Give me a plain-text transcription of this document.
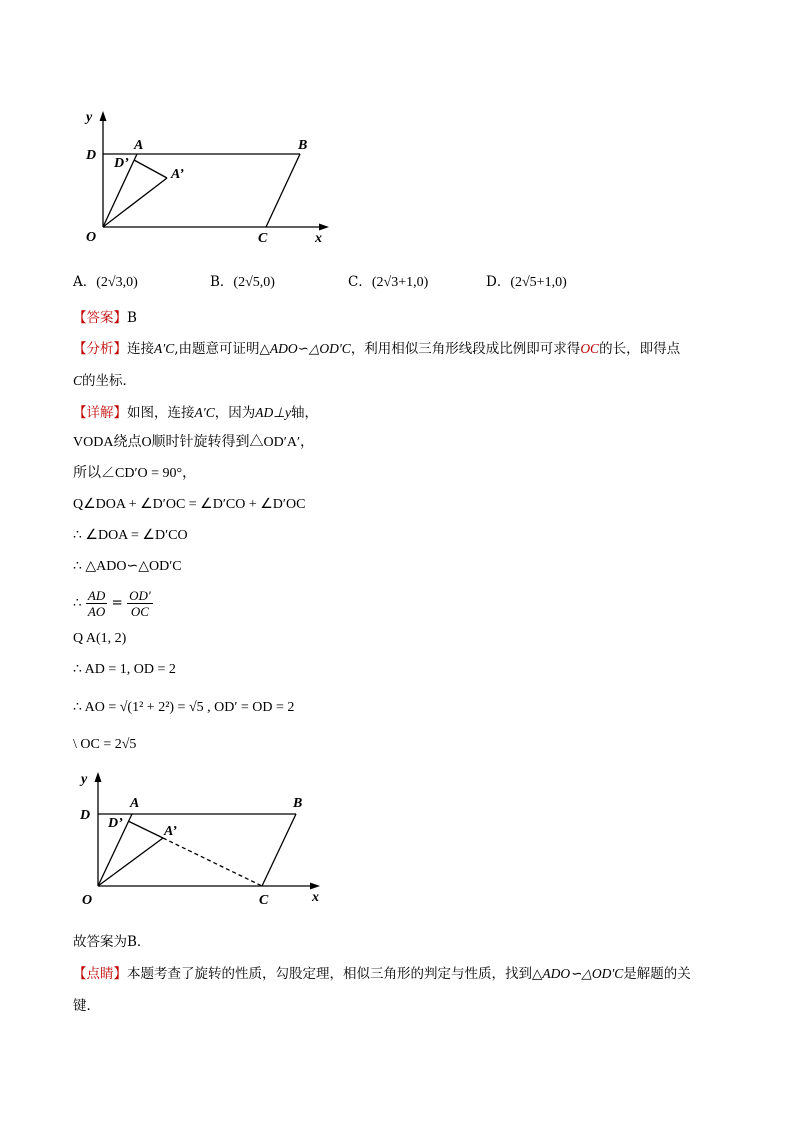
y
D
A
D’
A’
B
O	C	x
A．(2√3,0)	B．(2√5,0)	C．(2√3+1,0)	D．(2√5+1,0)
【答案】B
【分析】连接A′C,由题意可证明△ADO∽△OD′C，利用相似三角形线段成比例即可求得OC的长，即得点
C的坐标．
【详解】如图，连接A′C，因为AD⊥y轴，
VODA绕点O顺时针旋转得到△OD′A′，
所以∠CD′O = 90°，
Q∠DOA + ∠D′OC = ∠D′CO + ∠D′OC
∴ ∠DOA = ∠D′CO
∴ △ADO∽△OD′C
∴ $\frac{AD}{AO} = \frac{OD'}{OC}$
Q A(1, 2)
∴ AD = 1, OD = 2
∴ AO = √(1² + 2²) = √5 , OD′ = OD = 2
\ OC = 2√5
y
D
A
D’
A’
B
O	C	x
故答案为B．
【点睛】本题考查了旋转的性质，勾股定理，相似三角形的判定与性质，找到△ADO∽△OD′C是解题的关
键．
